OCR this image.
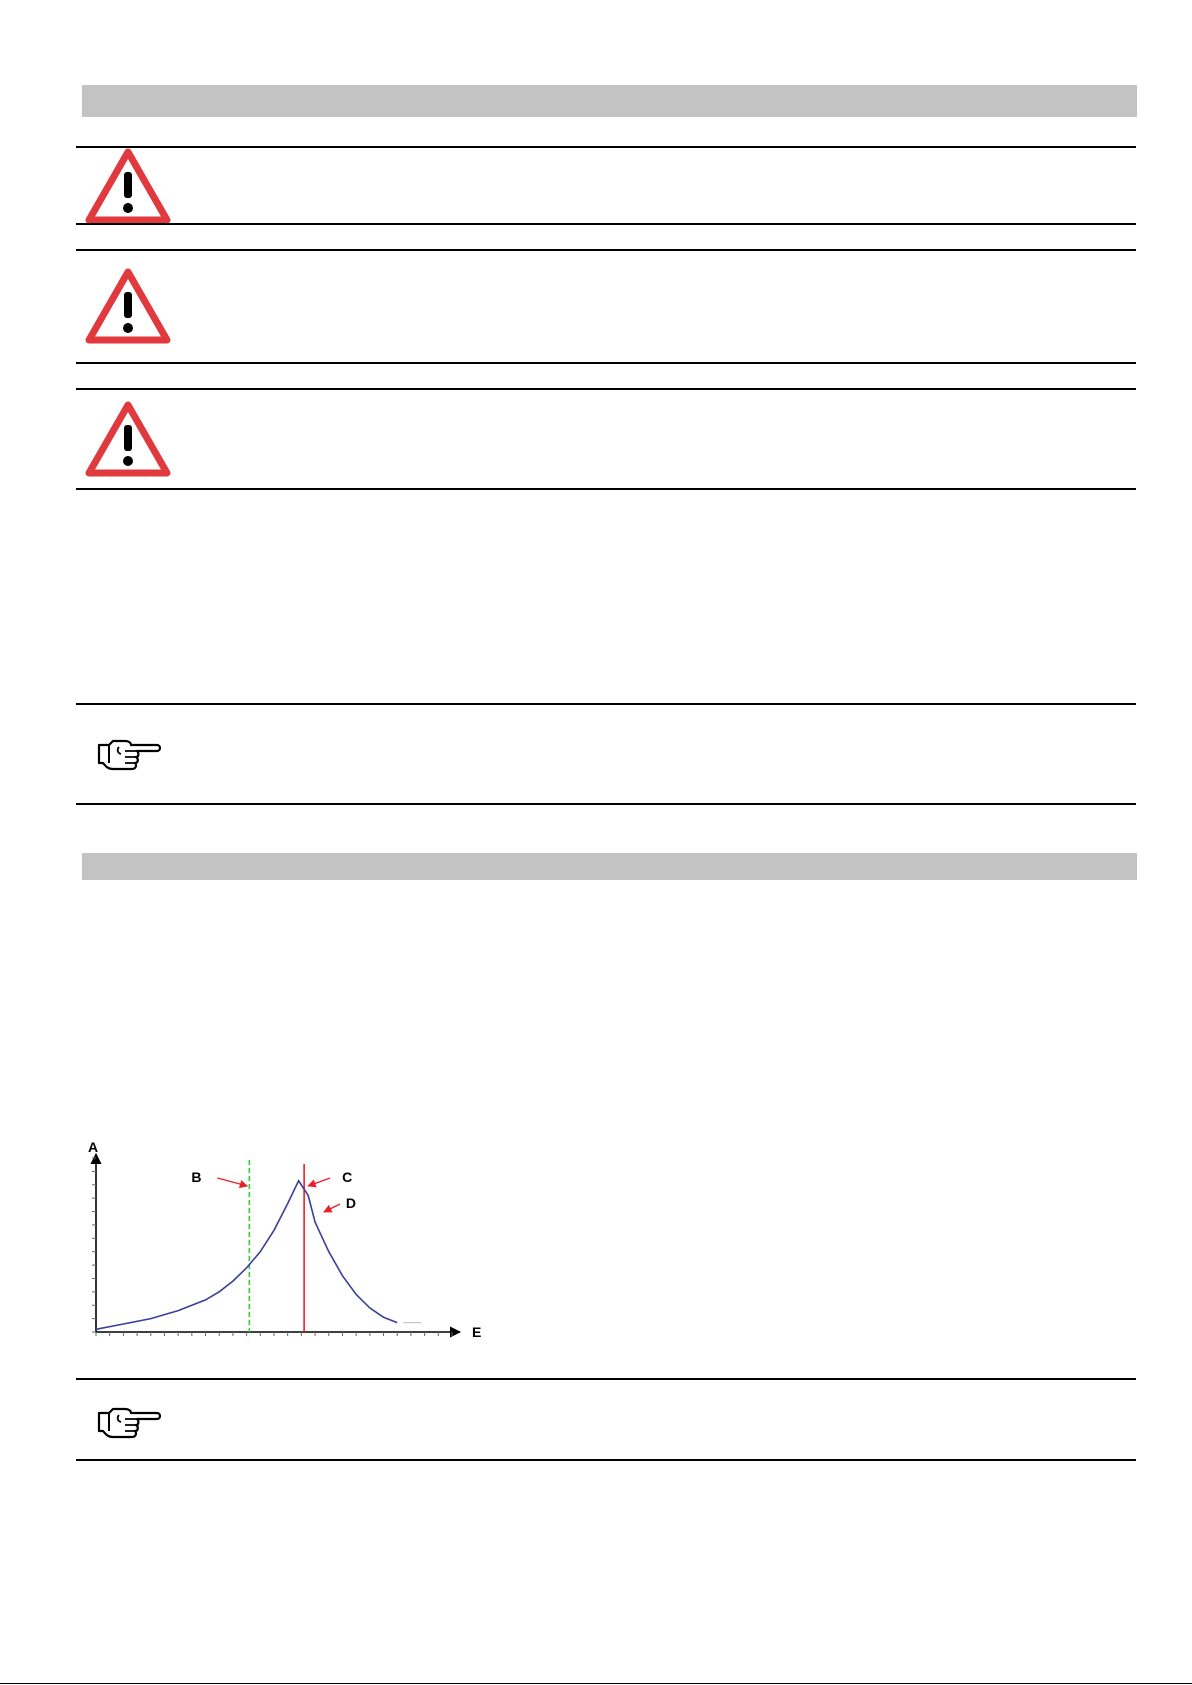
A
E
B	C
D
